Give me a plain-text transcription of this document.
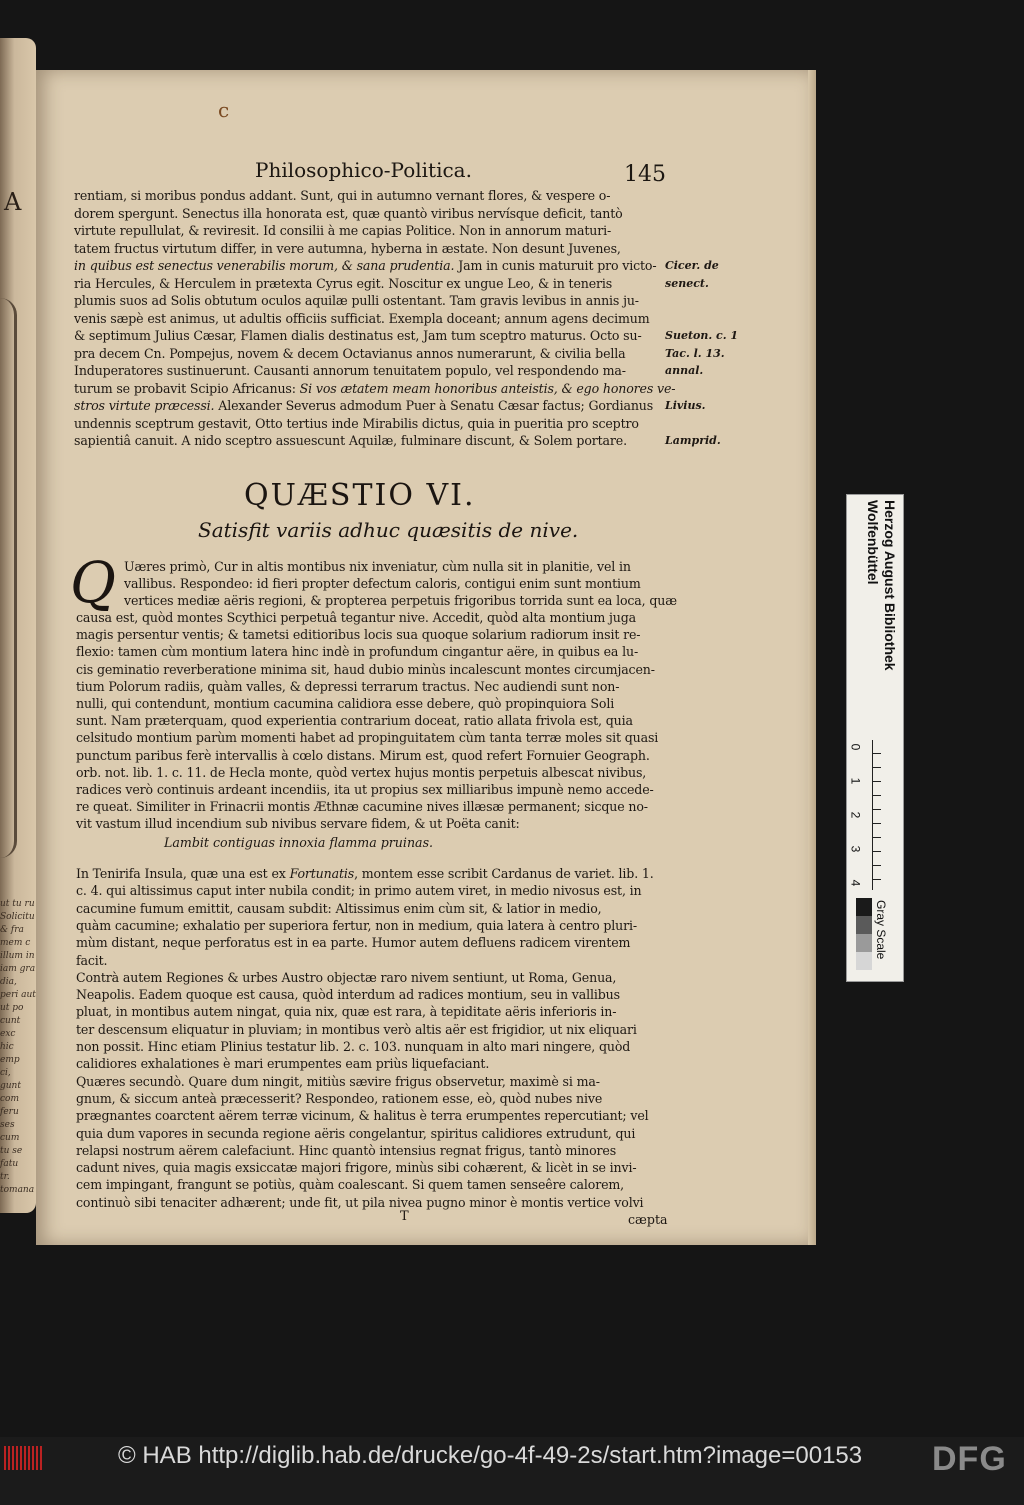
A
ut tu ru
Solicitu
& fra
mem c
illum in
iam gra
dia,
peri aut
ut po
cunt
exc
hic
emp
ci,
gunt
com
feru
ses
cum
tu se
fatu
tr.
tomana
c
Philosophico-Politica.	145
rentiam, si moribus pondus addant. Sunt, qui in autumno vernant flores, & vespere o-
dorem spergunt. Senectus illa honorata est, quæ quantò viribus nervísque deficit, tantò
virtute repullulat, & reviresit. Id consilii à me capias Politice. Non in annorum maturi-
tatem fructus virtutum differ, in vere autumna, hyberna in æstate. Non desunt Juvenes,
in quibus est senectus venerabilis morum, & sana prudentia. Jam in cunis maturuit pro victo-
ria Hercules, & Herculem in prætexta Cyrus egit. Noscitur ex ungue Leo, & in teneris
plumis suos ad Solis obtutum oculos aquilæ pulli ostentant. Tam gravis levibus in annis ju-
venis sæpè est animus, ut adultis officiis sufficiat. Exempla doceant; annum agens decimum
& septimum Julius Cæsar, Flamen dialis destinatus est, Jam tum sceptro maturus. Octo su-
pra decem Cn. Pompejus, novem & decem Octavianus annos numerarunt, & civilia bella
Induperatores sustinuerunt. Causanti annorum tenuitatem populo, vel respondendo ma-
turum se probavit Scipio Africanus: Si vos ætatem meam honoribus anteistis, & ego honores ve-
stros virtute præcessi. Alexander Severus admodum Puer à Senatu Cæsar factus; Gordianus
undennis sceptrum gestavit, Otto tertius inde Mirabilis dictus, quia in pueritia pro sceptro
sapientiâ canuit. A nido sceptro assuescunt Aquilæ, fulminare discunt, & Solem portare.
Cicer. de
senect.
Sueton. c. 1
Tac. l. 13.
annal.
Livius.
Lamprid.
QUÆSTIO VI.
Satisfit variis adhuc quæsitis de nive.
Q Uæres primò, Cur in altis montibus nix inveniatur, cùm nulla sit in planitie, vel in
vallibus. Respondeo: id fieri propter defectum caloris, contigui enim sunt montium
vertices mediæ aëris regioni, & propterea perpetuis frigoribus torrida sunt ea loca, quæ
causa est, quòd montes Scythici perpetuâ tegantur nive. Accedit, quòd alta montium juga
magis persentur ventis; & tametsi editioribus locis sua quoque solarium radiorum insit re-
flexio: tamen cùm montium latera hinc indè in profundum cingantur aëre, in quibus ea lu-
cis geminatio reverberatione minima sit, haud dubio minùs incalescunt montes circumjacen-
tium Polorum radiis, quàm valles, & depressi terrarum tractus. Nec audiendi sunt non-
nulli, qui contendunt, montium cacumina calidiora esse debere, quò propinquiora Soli
sunt. Nam præterquam, quod experientia contrarium doceat, ratio allata frivola est, quia
celsitudo montium parùm momenti habet ad propinguitatem cùm tanta terræ moles sit quasi
punctum paribus ferè intervallis à cœlo distans. Mirum est, quod refert Fornuier Geograph.
orb. not. lib. 1. c. 11. de Hecla monte, quòd vertex hujus montis perpetuis albescat nivibus,
radices verò continuis ardeant incendiis, ita ut propius sex milliaribus impunè nemo accede-
re queat. Similiter in Frinacrii montis Æthnæ cacumine nives illæsæ permanent; sicque no-
vit vastum illud incendium sub nivibus servare fidem, & ut Poëta canit:
Lambit contiguas innoxia flamma pruinas.
In Tenirifa Insula, quæ una est ex Fortunatis, montem esse scribit Cardanus de variet. lib. 1.
c. 4. qui altissimus caput inter nubila condit; in primo autem viret, in medio nivosus est, in
cacumine fumum emittit, causam subdit: Altissimus enim cùm sit, & latior in medio,
quàm cacumine; exhalatio per superiora fertur, non in medium, quia latera à centro pluri-
mùm distant, neque perforatus est in ea parte. Humor autem defluens radicem virentem
facit.
Contrà autem Regiones & urbes Austro objectæ raro nivem sentiunt, ut Roma, Genua,
Neapolis. Eadem quoque est causa, quòd interdum ad radices montium, seu in vallibus
pluat, in montibus autem ningat, quia nix, quæ est rara, à tepiditate aëris inferioris in-
ter descensum eliquatur in pluviam; in montibus verò altis aër est frigidior, ut nix eliquari
non possit. Hinc etiam Plinius testatur lib. 2. c. 103. nunquam in alto mari ningere, quòd
calidiores exhalationes è mari erumpentes eam priùs liquefaciant.
Quæres secundò. Quare dum ningit, mitiùs sævire frigus observetur, maximè si ma-
gnum, & siccum anteà præcesserit? Respondeo, rationem esse, eò, quòd nubes nive
prægnantes coarctent aërem terræ vicinum, & halitus è terra erumpentes repercutiant; vel
quia dum vapores in secunda regione aëris congelantur, spiritus calidiores extrudunt, qui
relapsi nostrum aërem calefaciunt. Hinc quantò intensius regnat frigus, tantò minores
cadunt nives, quia magis exsiccatæ majori frigore, minùs sibi cohærent, & licèt in se invi-
cem impingant, frangunt se potiùs, quàm coalescant. Si quem tamen senseêre calorem,
continuò sibi tenaciter adhærent; unde fit, ut pila nivea pugno minor è montis vertice volvi
T	cæpta
Herzog August Bibliothek
Wolfenbüttel
0
1
2
3
4
Gray Scale
© HAB http://diglib.hab.de/drucke/go-4f-49-2s/start.htm?image=00153 DFG
